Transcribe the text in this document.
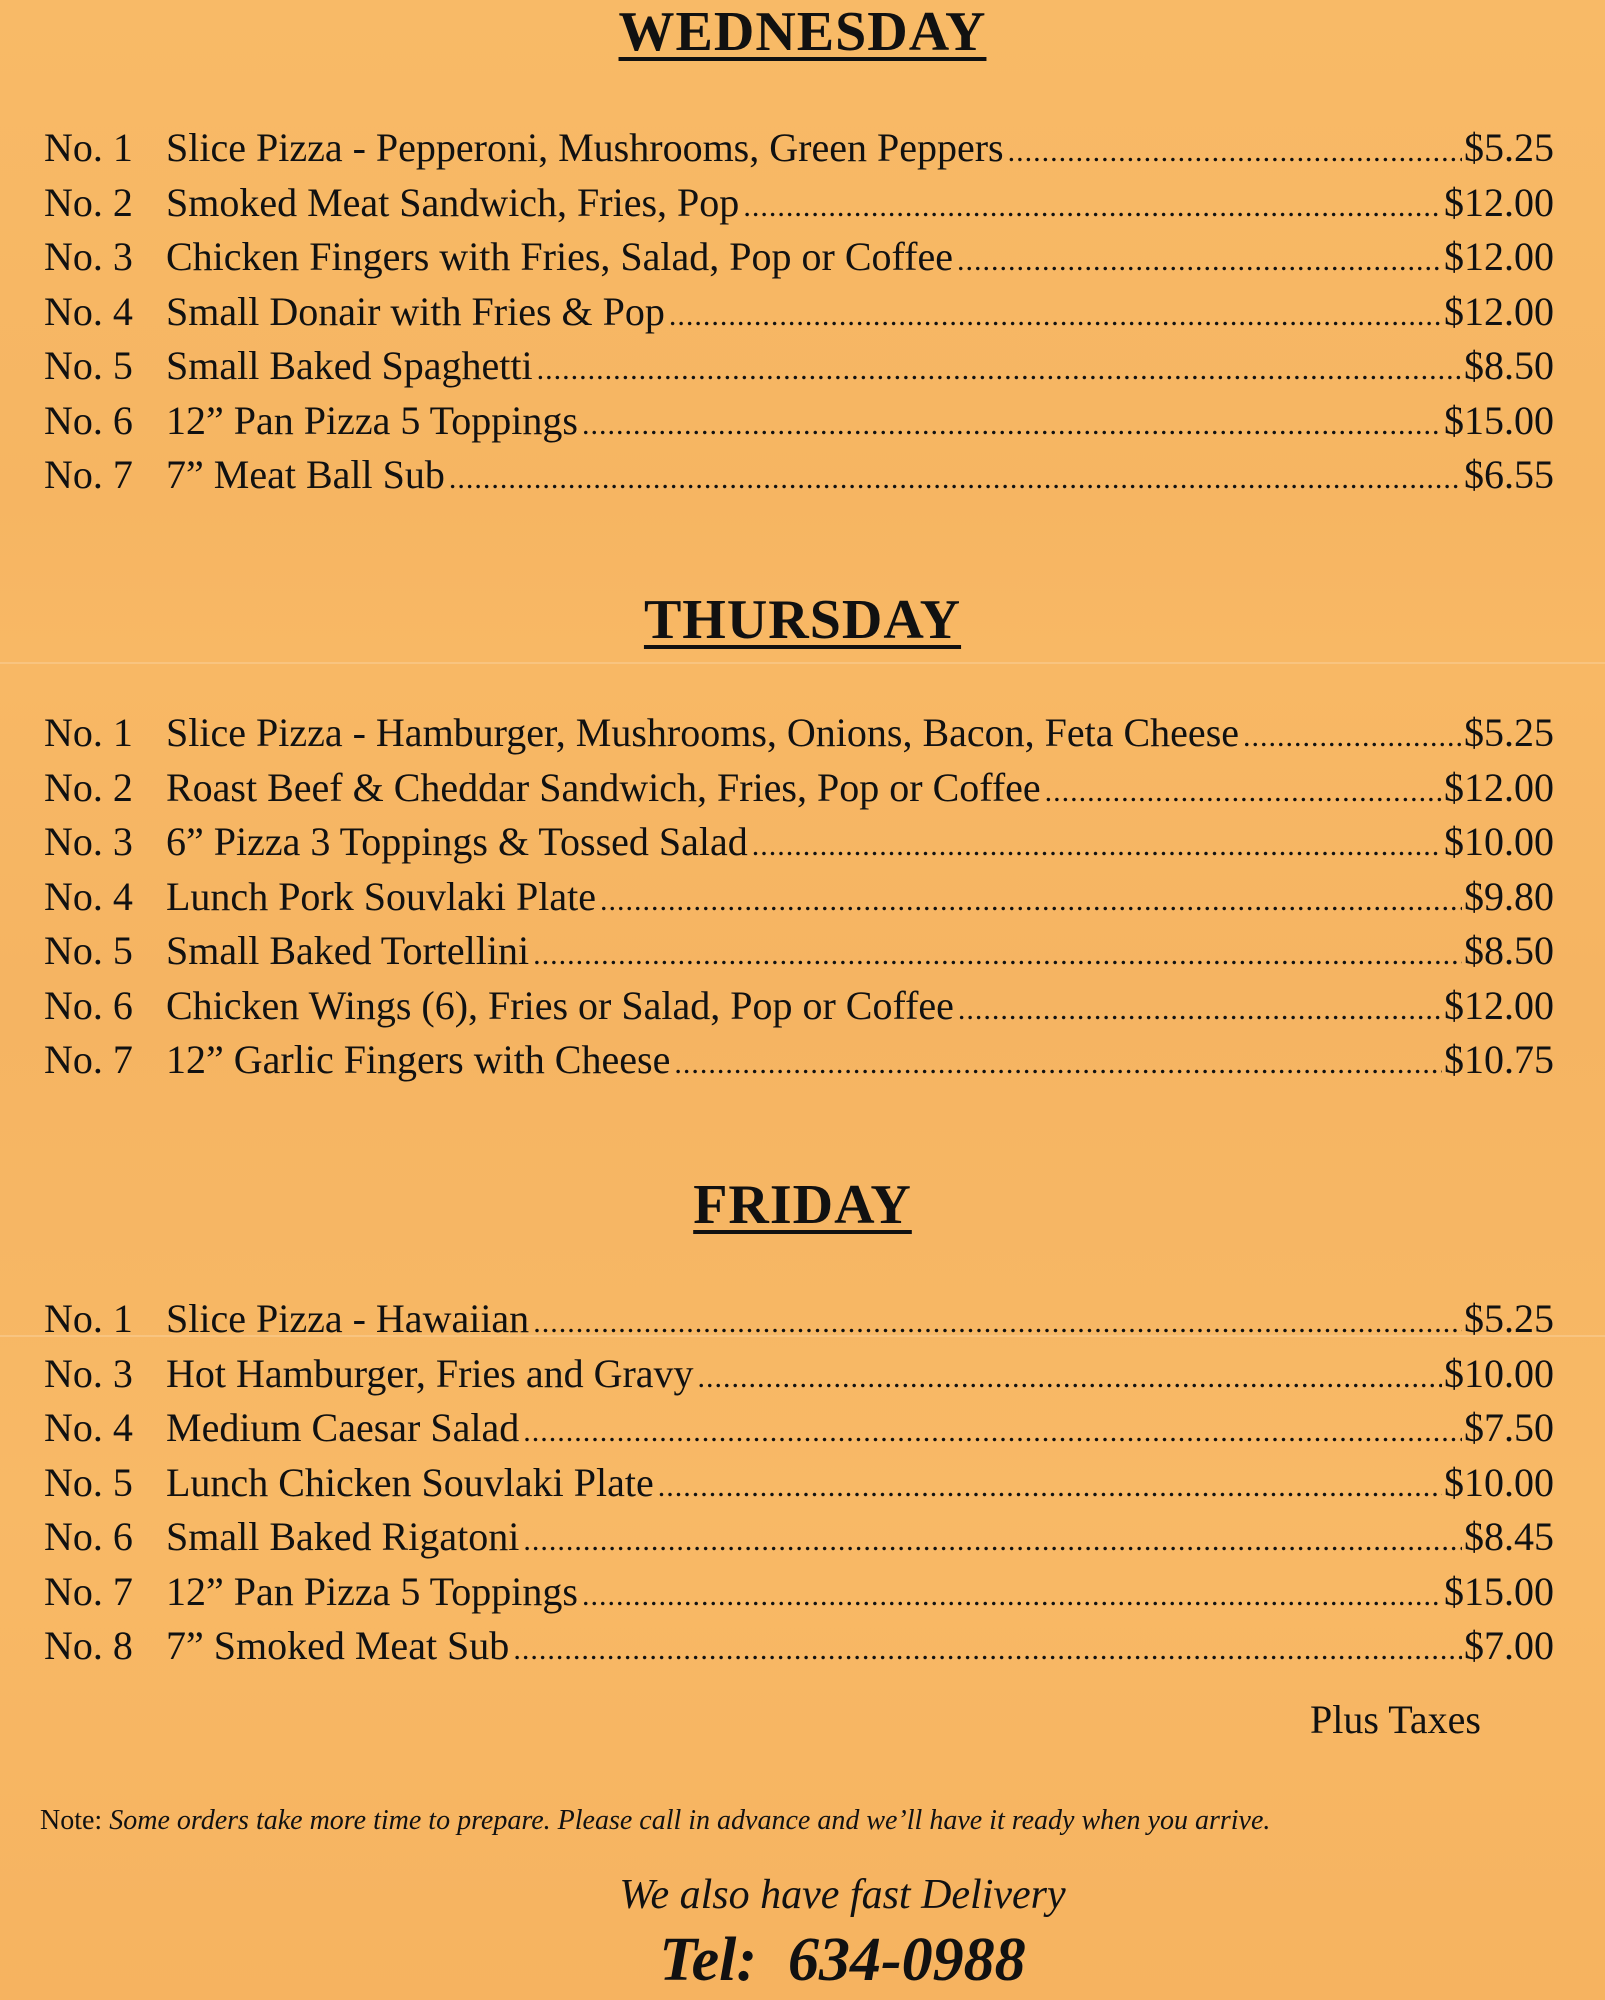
WEDNESDAY
No. 1 Slice Pizza - Pepperoni, Mushrooms, Green Peppers .....	$5.25
No. 2 Smoked Meat Sandwich, Fries, Pop .....	$12.00
No. 3 Chicken Fingers with Fries, Salad, Pop or Coffee .....	$12.00
No. 4 Small Donair with Fries & Pop .....	$12.00
No. 5 Small Baked Spaghetti .....	$8.50
No. 6 12” Pan Pizza 5 Toppings .....	$15.00
No. 7 7” Meat Ball Sub .....	$6.55
THURSDAY
No. 1 Slice Pizza - Hamburger, Mushrooms, Onions, Bacon, Feta Cheese .....	$5.25
No. 2 Roast Beef & Cheddar Sandwich, Fries, Pop or Coffee .....	$12.00
No. 3 6” Pizza 3 Toppings & Tossed Salad .....	$10.00
No. 4 Lunch Pork Souvlaki Plate .....	$9.80
No. 5 Small Baked Tortellini .....	$8.50
No. 6 Chicken Wings (6), Fries or Salad, Pop or Coffee .....	$12.00
No. 7 12” Garlic Fingers with Cheese .....	$10.75
FRIDAY
No. 1 Slice Pizza - Hawaiian .....	$5.25
No. 3 Hot Hamburger, Fries and Gravy .....	$10.00
No. 4 Medium Caesar Salad .....	$7.50
No. 5 Lunch Chicken Souvlaki Plate .....	$10.00
No. 6 Small Baked Rigatoni .....	$8.45
No. 7 12” Pan Pizza 5 Toppings .....	$15.00
No. 8 7” Smoked Meat Sub .....	$7.00
Plus Taxes
Note: Some orders take more time to prepare. Please call in advance and we’ll have it ready when you arrive.
We also have fast Delivery
Tel:  634-0988
